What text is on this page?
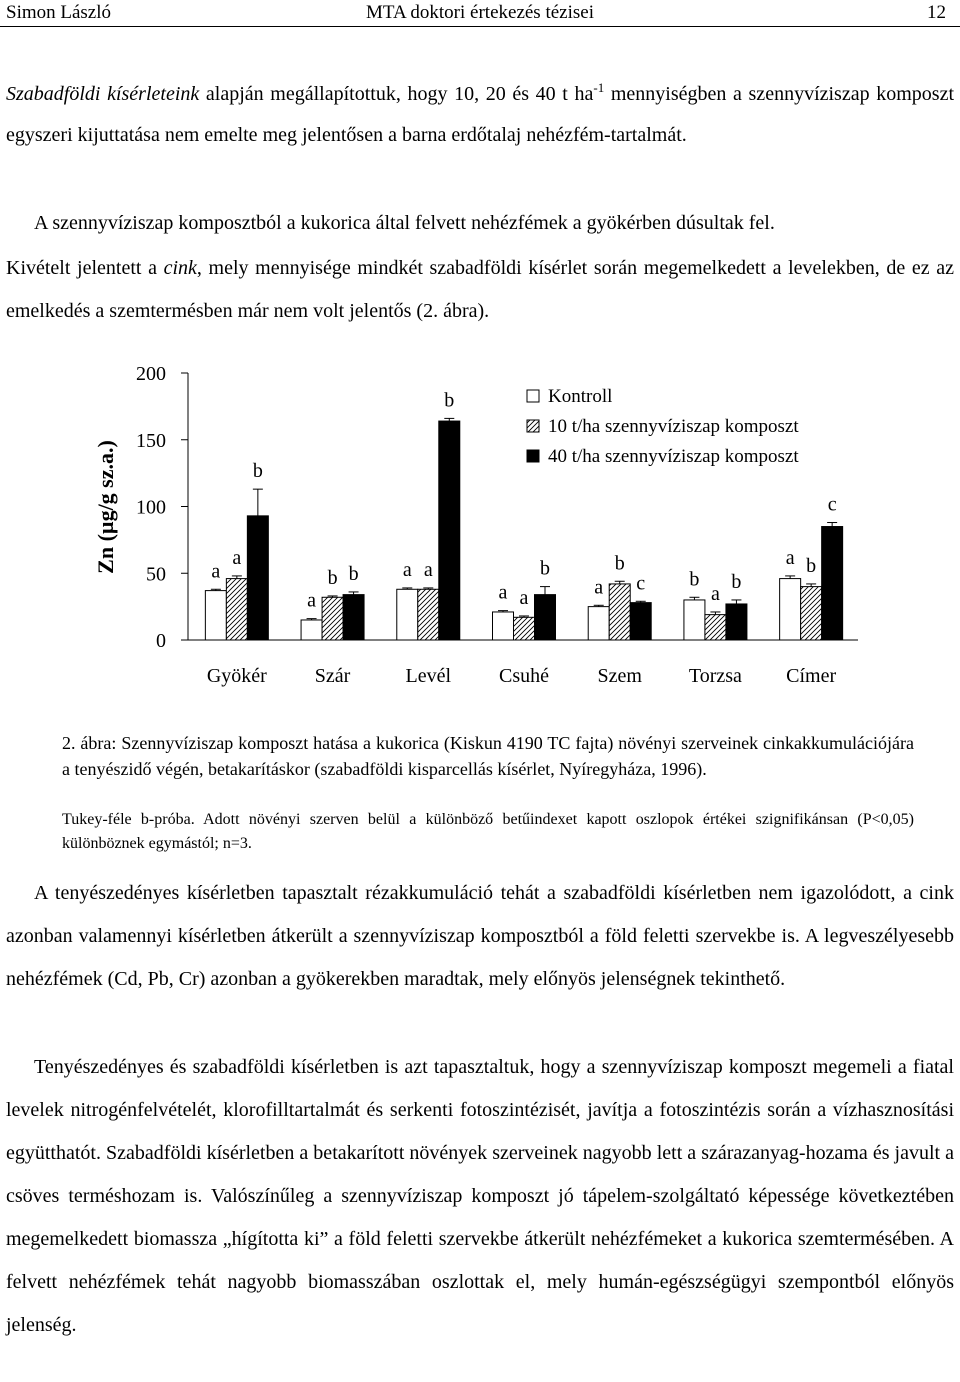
Simon László	MTA doktori értekezés tézisei	12
Szabadföldi kísérleteink alapján megállapítottuk, hogy 10, 20 és 40 t $ha^{-1}$ mennyiségben a szennyvíziszap komposzt egyszeri kijuttatása nem emelte meg jelentősen a barna erdőtalaj nehézfém-tartalmát.
A szennyvíziszap komposztból a kukorica által felvett nehézfémek a gyökérben dúsultak fel.
Kivételt jelentett a cink, mely mennyisége mindkét szabadföldi kísérlet során megemelkedett a levelekben, de ez az emelkedés a szemtermésben már nem volt jelentős (2. ábra).
0
50
100
150
200
Zn (µg/g sz.a.)
Gyökér Szár	Levél Csuhé Szem Torzsa Címer
a
a
b
a
b b a a
b
a a
b
a
b
c b
a
b
a b
c
Kontroll
10 t/ha szennyvíziszap komposzt
40 t/ha szennyvíziszap komposzt
2. ábra: Szennyvíziszap komposzt hatása a kukorica (Kiskun 4190 TC fajta) növényi szerveinek cinkakkumulációjára a tenyészidő végén, betakarításkor (szabadföldi kisparcellás kísérlet, Nyíregyháza, 1996).
Tukey-féle b-próba. Adott növényi szerven belül a különböző betűindexet kapott oszlopok értékei szignifikánsan (P<0,05) különböznek egymástól; n=3.
A tenyészedényes kísérletben tapasztalt rézakkumuláció tehát a szabadföldi kísérletben nem igazolódott, a cink azonban valamennyi kísérletben átkerült a szennyvíziszap komposztból a föld feletti szervekbe is. A legveszélyesebb nehézfémek (Cd, Pb, Cr) azonban a gyökerekben maradtak, mely előnyös jelenségnek tekinthető.
Tenyészedényes és szabadföldi kísérletben is azt tapasztaltuk, hogy a szennyvíziszap komposzt megemeli a fiatal levelek nitrogénfelvételét, klorofilltartalmát és serkenti fotoszintézisét, javítja a fotoszintézis során a vízhasznosítási együtthatót. Szabadföldi kísérletben a betakarított növények szerveinek nagyobb lett a szárazanyag-hozama és javult a csöves terméshozam is. Valószínűleg a szennyvíziszap komposzt jó tápelem-szolgáltató képessége következtében megemelkedett biomassza „hígította ki” a föld feletti szervekbe átkerült nehézfémeket a kukorica szemtermésében. A felvett nehézfémek tehát nagyobb biomasszában oszlottak el, mely humán-egészségügyi szempontból előnyös jelenség.
